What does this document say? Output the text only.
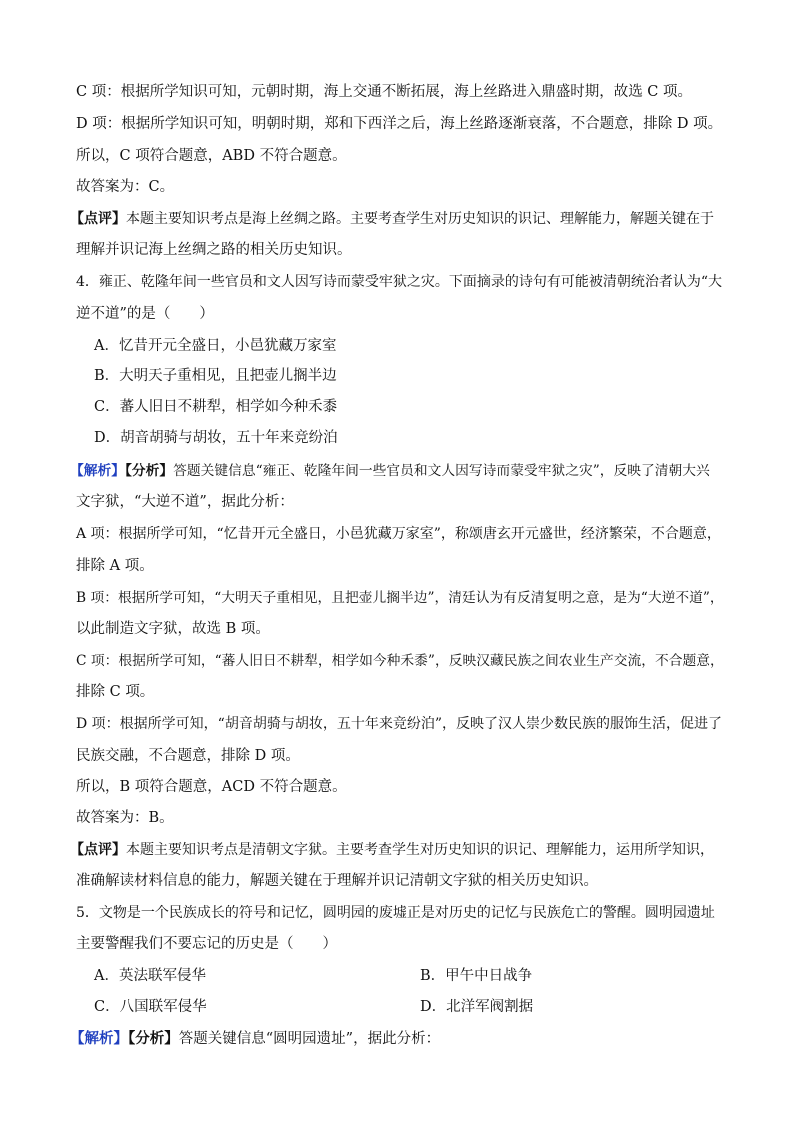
C 项：根据所学知识可知，元朝时期，海上交通不断拓展，海上丝路进入鼎盛时期，故选 C 项。
D 项：根据所学知识可知，明朝时期，郑和下西洋之后，海上丝路逐渐衰落，不合题意，排除 D 项。
所以，C 项符合题意，ABD 不符合题意。
故答案为：C。
【点评】本题主要知识考点是海上丝绸之路。主要考查学生对历史知识的识记、理解能力，解题关键在于
理解并识记海上丝绸之路的相关历史知识。
4．雍正、乾隆年间一些官员和文人因写诗而蒙受牢狱之灾。下面摘录的诗句有可能被清朝统治者认为“大
逆不道”的是（　　）
A．忆昔开元全盛日，小邑犹藏万家室
B．大明天子重相见，且把壶儿搁半边
C．蕃人旧日不耕犁，相学如今种禾黍
D．胡音胡骑与胡妆，五十年来竞纷泊
【解析】【分析】答题关键信息“雍正、乾隆年间一些官员和文人因写诗而蒙受牢狱之灾”，反映了清朝大兴
文字狱，“大逆不道”，据此分析：
A 项：根据所学可知，“忆昔开元全盛日，小邑犹藏万家室”，称颂唐玄开元盛世，经济繁荣，不合题意，
排除 A 项。
B 项：根据所学可知，“大明天子重相见，且把壶儿搁半边”，清廷认为有反清复明之意，是为“大逆不道”，
以此制造文字狱，故选 B 项。
C 项：根据所学可知，“蕃人旧日不耕犁，相学如今种禾黍”，反映汉藏民族之间农业生产交流，不合题意，
排除 C 项。
D 项：根据所学可知，“胡音胡骑与胡妆，五十年来竞纷泊”，反映了汉人崇少数民族的服饰生活，促进了
民族交融，不合题意，排除 D 项。
所以，B 项符合题意，ACD 不符合题意。
故答案为：B。
【点评】本题主要知识考点是清朝文字狱。主要考查学生对历史知识的识记、理解能力，运用所学知识，
准确解读材料信息的能力，解题关键在于理解并识记清朝文字狱的相关历史知识。
5．文物是一个民族成长的符号和记忆，圆明园的废墟正是对历史的记忆与民族危亡的警醒。圆明园遗址
主要警醒我们不要忘记的历史是（　　）
A．英法联军侵华	B．甲午中日战争
C．八国联军侵华	D．北洋军阀割据
【解析】【分析】答题关键信息“圆明园遗址”，据此分析：
